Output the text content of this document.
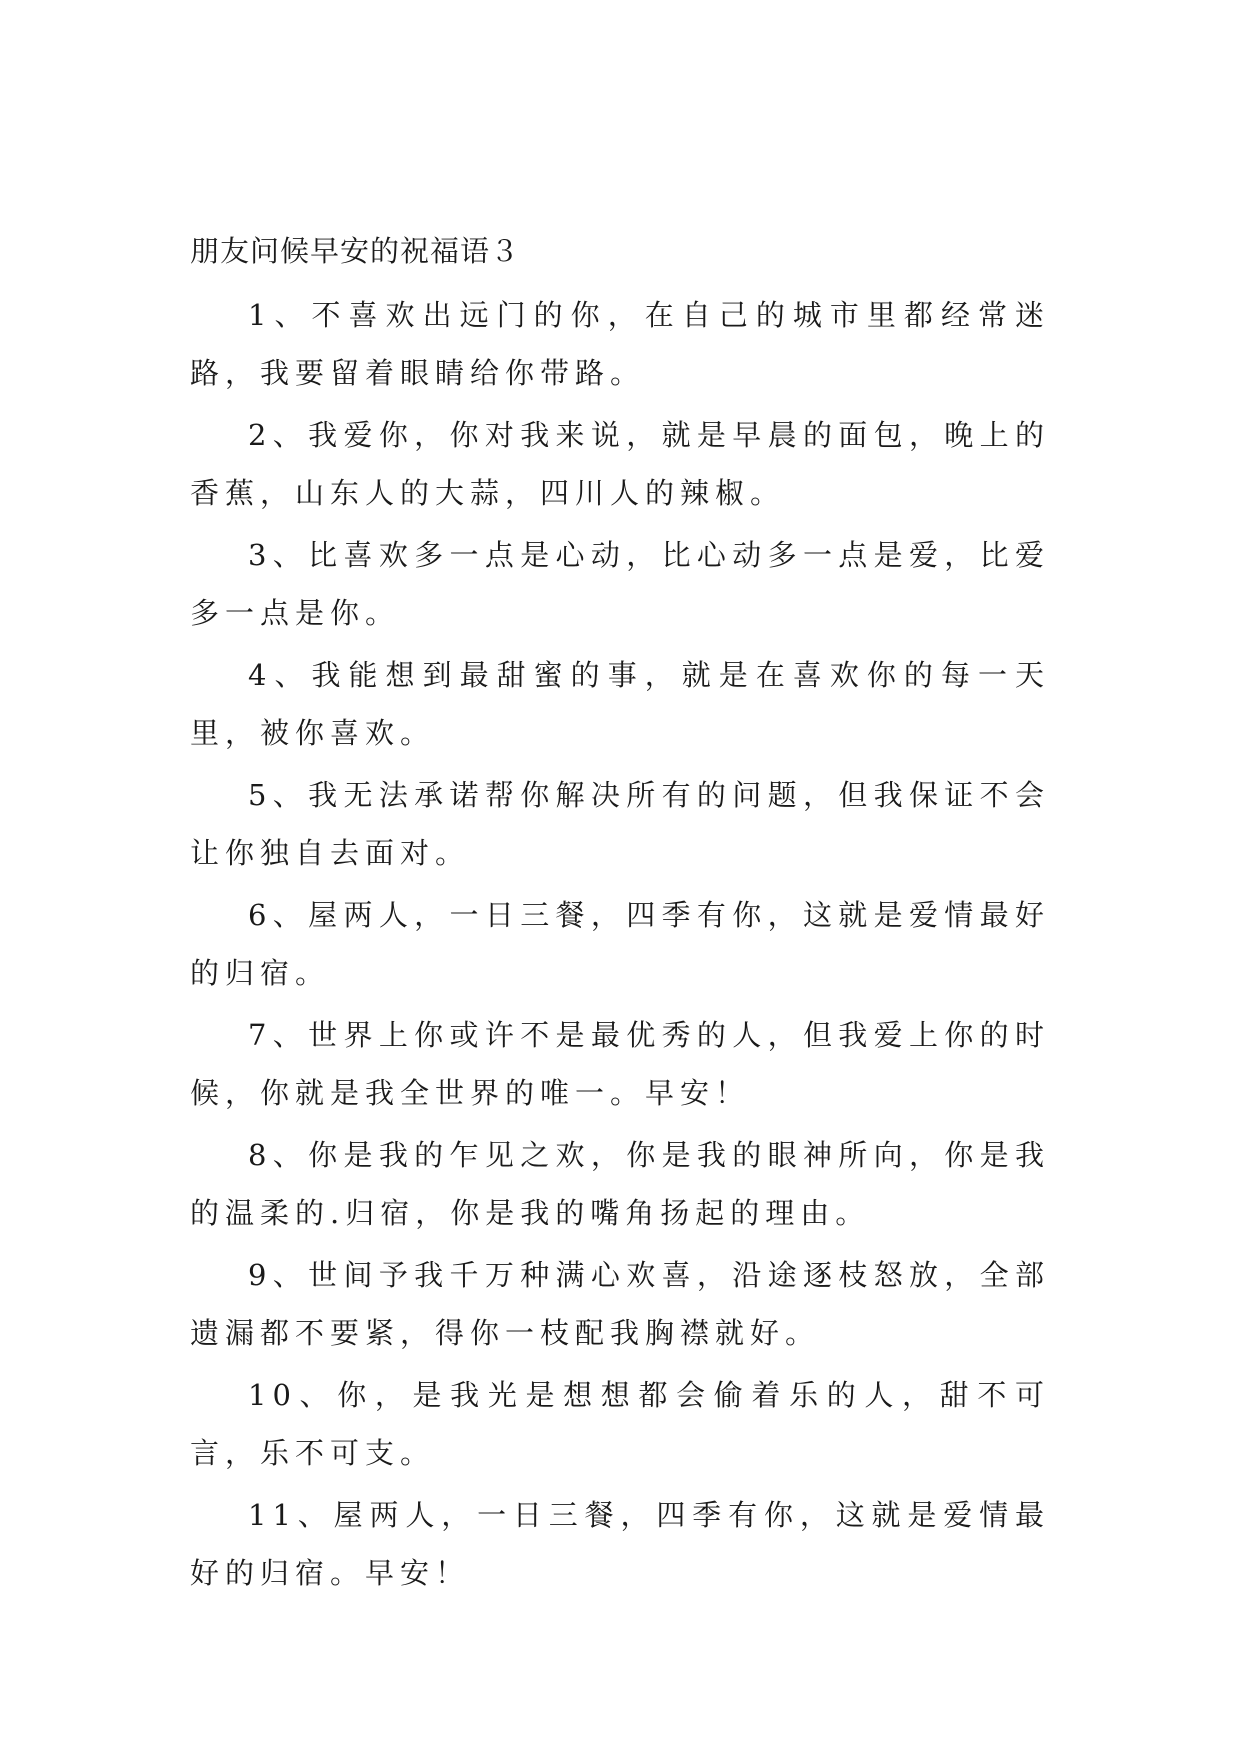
朋友问候早安的祝福语３

1、不喜欢出远门的你，在自己的城市里都经常迷路，我要留着眼睛给你带路。

2、我爱你，你对我来说，就是早晨的面包，晚上的香蕉，山东人的大蒜，四川人的辣椒。

3、比喜欢多一点是心动，比心动多一点是爱，比爱多一点是你。

4、我能想到最甜蜜的事，就是在喜欢你的每一天里，被你喜欢。

5、我无法承诺帮你解决所有的问题，但我保证不会让你独自去面对。

6、屋两人，一日三餐，四季有你，这就是爱情最好的归宿。

7、世界上你或许不是最优秀的人，但我爱上你的时候，你就是我全世界的唯一。早安！

8、你是我的乍见之欢，你是我的眼神所向，你是我的温柔的.归宿，你是我的嘴角扬起的理由。

9、世间予我千万种满心欢喜，沿途逐枝怒放，全部遗漏都不要紧，得你一枝配我胸襟就好。

10、你，是我光是想想都会偷着乐的人，甜不可言，乐不可支。

11、屋两人，一日三餐，四季有你，这就是爱情最好的归宿。早安！
